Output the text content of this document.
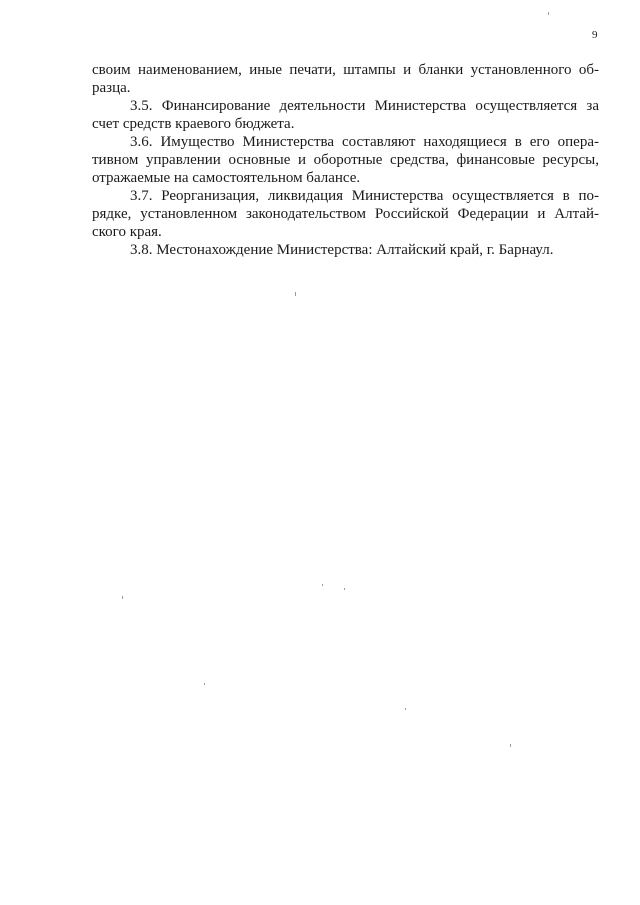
9

своим наименованием, иные печати, штампы и бланки установленного об- разца.

3.5. Финансирование деятельности Министерства осуществляется за счет средств краевого бюджета.

3.6. Имущество Министерства составляют находящиеся в его опера- тивном управлении основные и оборотные средства, финансовые ресурсы, отражаемые на самостоятельном балансе.

3.7. Реорганизация, ликвидация Министерства осуществляется в по- рядке, установленном законодательством Российской Федерации и Алтай- ского края.

3.8. Местонахождение Министерства: Алтайский край, г. Барнаул.
